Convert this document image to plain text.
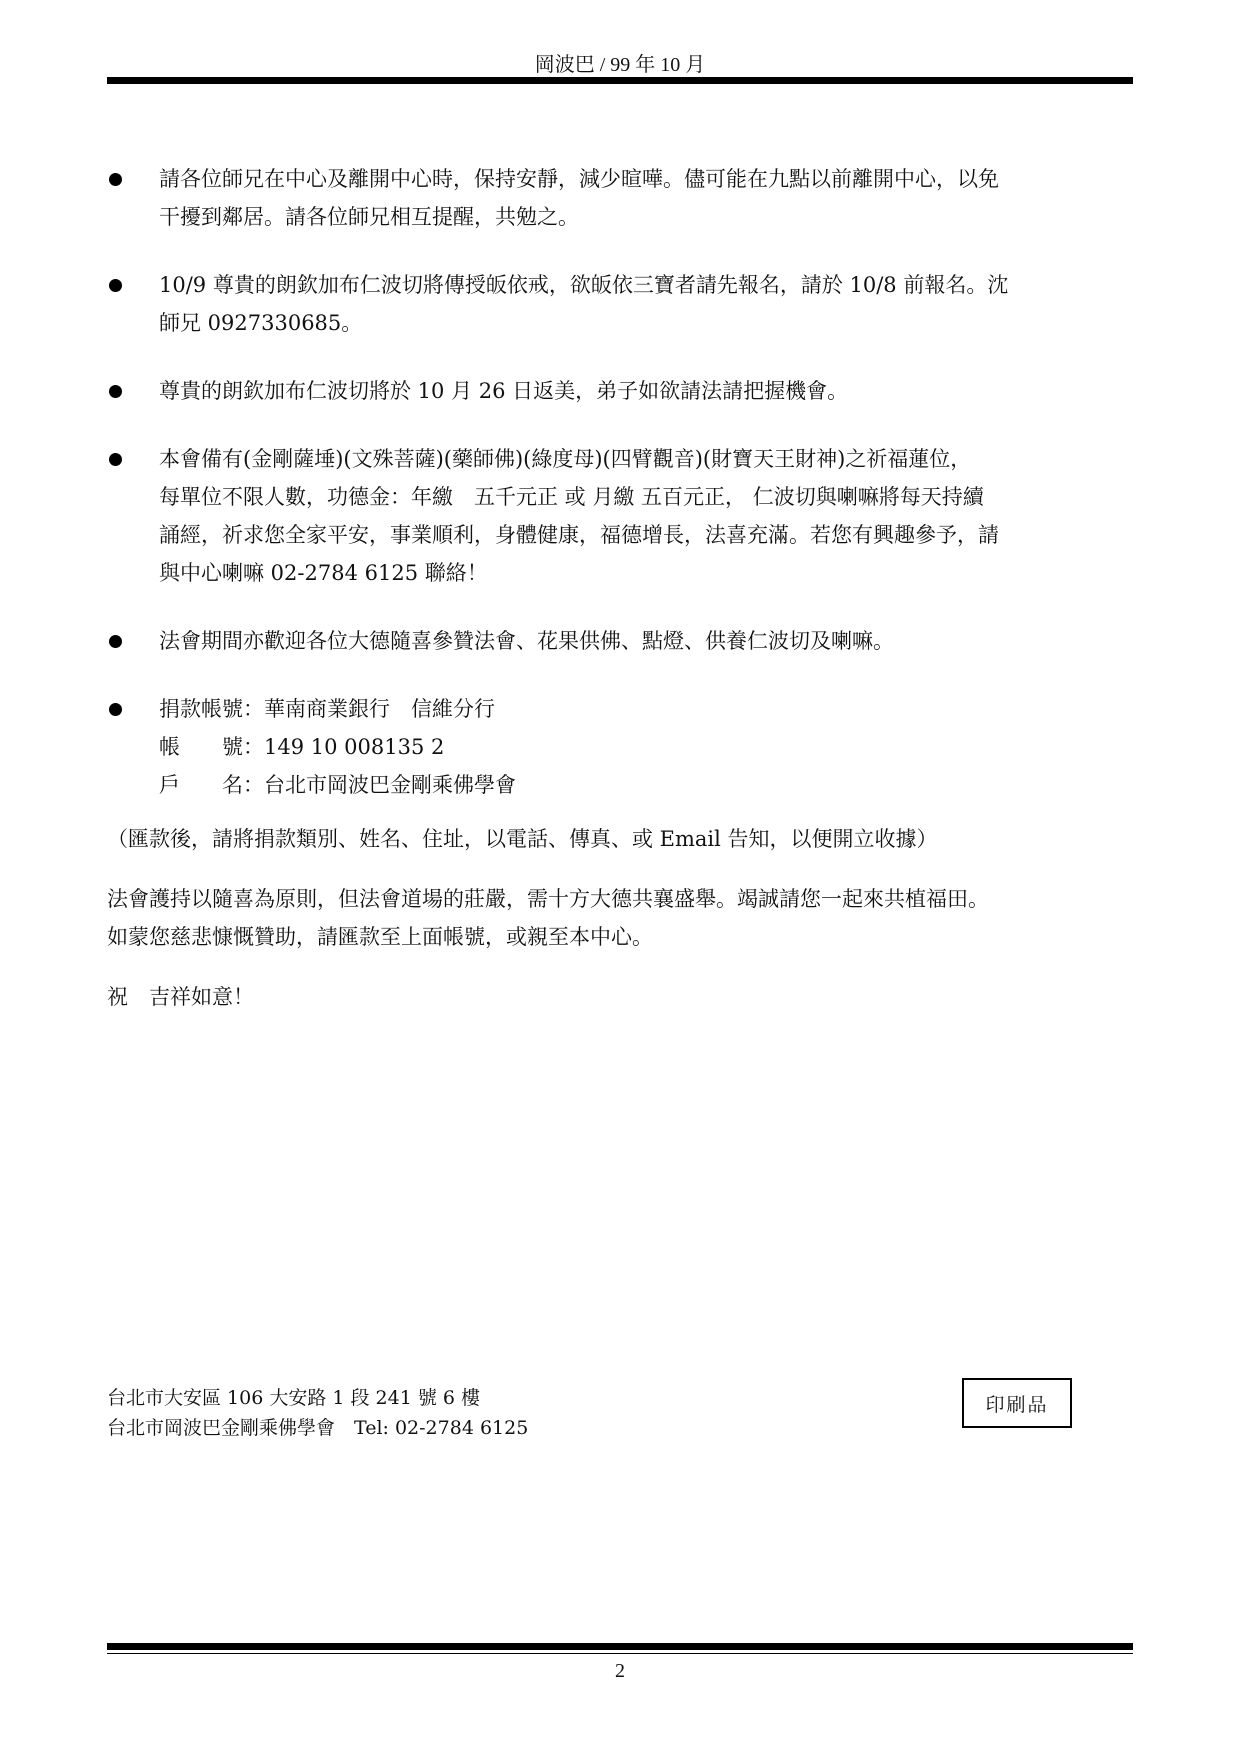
岡波巴 / 99 年 10 月
請各位師兄在中心及離開中心時，保持安靜，減少暄嘩。儘可能在九點以前離開中心，以免
干擾到鄰居。請各位師兄相互提醒，共勉之。
10/9 尊貴的朗欽加布仁波切將傳授皈依戒，欲皈依三寶者請先報名，請於 10/8 前報名。沈
師兄 0927330685。
尊貴的朗欽加布仁波切將於 10 月 26 日返美，弟子如欲請法請把握機會。
本會備有(金剛薩埵)(文殊菩薩)(藥師佛)(綠度母)(四臂觀音)(財寶天王財神)之祈福蓮位，
每單位不限人數，功德金：年繳　五千元正 或 月繳 五百元正， 仁波切與喇嘛將每天持續
誦經，祈求您全家平安，事業順利，身體健康，福德增長，法喜充滿。若您有興趣參予，請
與中心喇嘛 02-2784 6125 聯絡！
法會期間亦歡迎各位大德隨喜參贊法會、花果供佛、點燈、供養仁波切及喇嘛。
捐款帳號：華南商業銀行　信維分行
帳　　號：149 10 008135 2
戶　　名：台北市岡波巴金剛乘佛學會

（匯款後，請將捐款類別、姓名、住址，以電話、傳真、或 Email 告知，以便開立收據）

法會護持以隨喜為原則，但法會道場的莊嚴，需十方大德共襄盛舉。竭誠請您一起來共植福田。
如蒙您慈悲慷慨贊助，請匯款至上面帳號，或親至本中心。

祝　吉祥如意！

台北市大安區 106 大安路 1 段 241 號 6 樓
台北市岡波巴金剛乘佛學會　Tel: 02-2784 6125
印刷品
2
